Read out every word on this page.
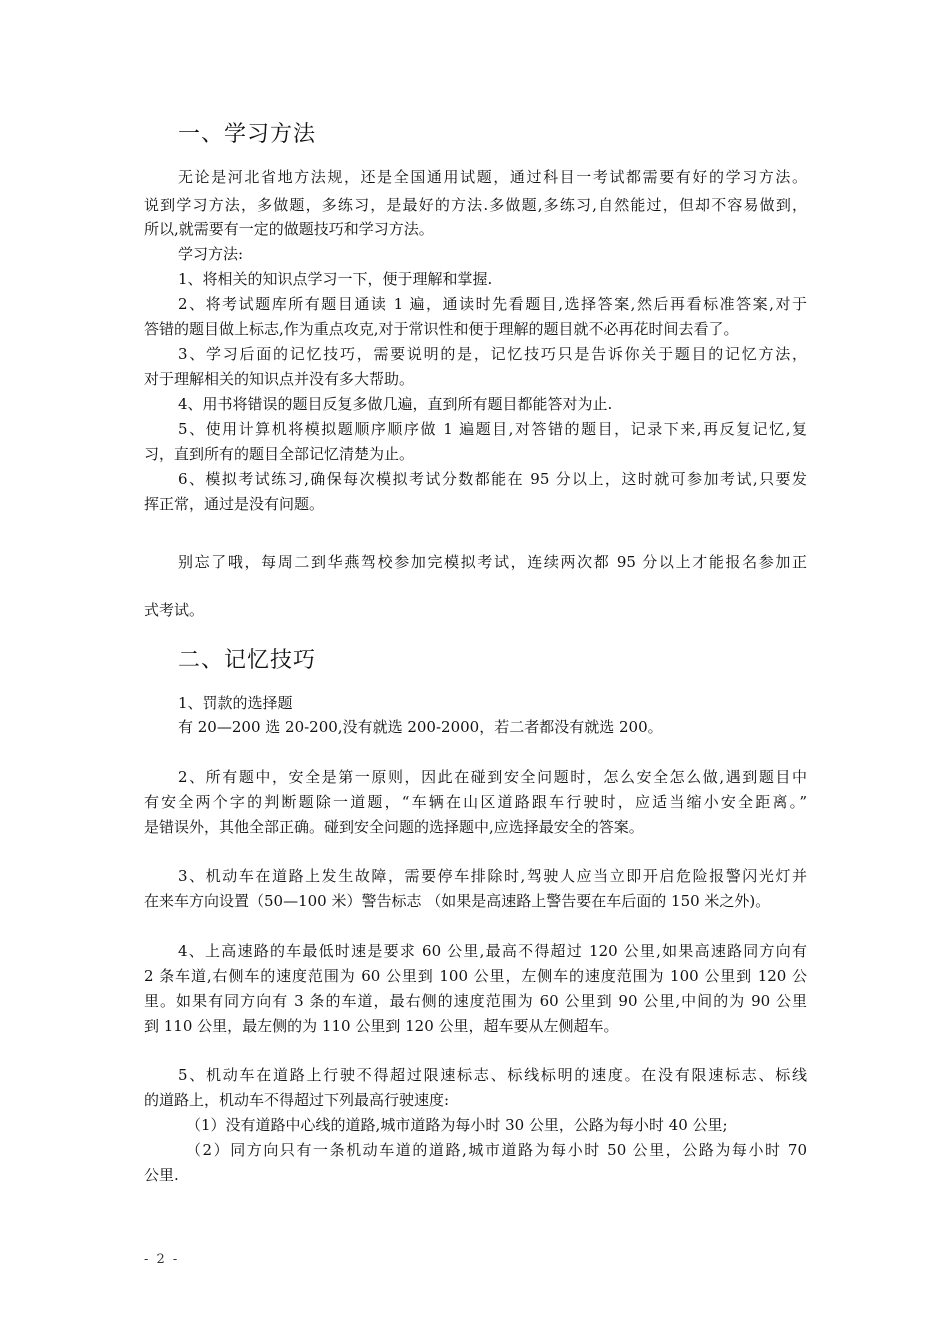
一、学习方法
无论是河北省地方法规，还是全国通用试题，通过科目一考试都需要有好的学习方法。
说到学习方法，多做题，多练习，是最好的方法.多做题,多练习,自然能过，但却不容易做到，
所以,就需要有一定的做题技巧和学习方法。
学习方法:
1、将相关的知识点学习一下，便于理解和掌握.
2、将考试题库所有题目通读 1 遍，通读时先看题目,选择答案,然后再看标准答案,对于
答错的题目做上标志,作为重点攻克,对于常识性和便于理解的题目就不必再花时间去看了。
3、学习后面的记忆技巧，需要说明的是，记忆技巧只是告诉你关于题目的记忆方法，
对于理解相关的知识点并没有多大帮助。
4、用书将错误的题目反复多做几遍，直到所有题目都能答对为止.
5、使用计算机将模拟题顺序顺序做 1 遍题目,对答错的题目，记录下来,再反复记忆,复
习，直到所有的题目全部记忆清楚为止。
6、模拟考试练习,确保每次模拟考试分数都能在 95 分以上，这时就可参加考试,只要发
挥正常，通过是没有问题。
别忘了哦，每周二到华燕驾校参加完模拟考试，连续两次都 95 分以上才能报名参加正
式考试。
二、记忆技巧
1、罚款的选择题
有 20—200 选 20-200,没有就选 200-2000，若二者都没有就选 200。
2、所有题中，安全是第一原则，因此在碰到安全问题时，怎么安全怎么做,遇到题目中
有安全两个字的判断题除一道题，“车辆在山区道路跟车行驶时，应适当缩小安全距离。”
是错误外，其他全部正确。碰到安全问题的选择题中,应选择最安全的答案。
3、机动车在道路上发生故障，需要停车排除时,驾驶人应当立即开启危险报警闪光灯并
在来车方向设置（50—100 米）警告标志 （如果是高速路上警告要在车后面的 150 米之外)。
4、上高速路的车最低时速是要求 60 公里,最高不得超过 120 公里,如果高速路同方向有
2 条车道,右侧车的速度范围为 60 公里到 100 公里，左侧车的速度范围为 100 公里到 120 公
里。如果有同方向有 3 条的车道，最右侧的速度范围为 60 公里到 90 公里,中间的为 90 公里
到 110 公里，最左侧的为 110 公里到 120 公里，超车要从左侧超车。
5、机动车在道路上行驶不得超过限速标志、标线标明的速度。在没有限速标志、标线
的道路上，机动车不得超过下列最高行驶速度:
（1）没有道路中心线的道路,城市道路为每小时 30 公里，公路为每小时 40 公里;
（2）同方向只有一条机动车道的道路,城市道路为每小时 50 公里，公路为每小时 70
公里.
- 2 -
